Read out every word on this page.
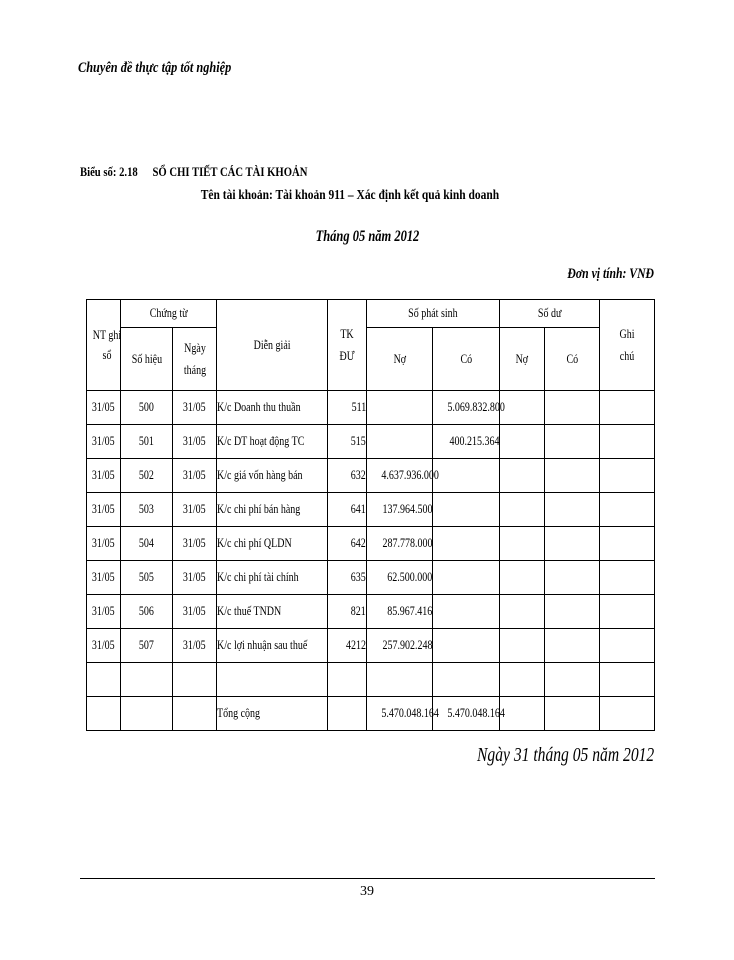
Chuyên đề thực tập tốt nghiệp
Biểu số: 2.18 SỔ CHI TIẾT CÁC TÀI KHOẢN
Tên tài khoản: Tài khoản 911 – Xác định kết quả kinh doanh
Tháng 05 năm 2012
Đơn vị tính: VNĐ
NT ghi sổ	Chứng từ		Diễn giải	TK ĐƯ	Số phát sinh		Số dư		Ghi chú
	Số hiệu	Ngày tháng			Nợ	Có	Nợ	Có	
31/05	500	31/05	K/c Doanh thu thuần	511		5.069.832.800			
31/05	501	31/05	K/c DT hoạt động TC	515		400.215.364			
31/05	502	31/05	K/c giá vốn hàng bán	632	4.637.936.000				
31/05	503	31/05	K/c chi phí bán hàng	641	137.964.500				
31/05	504	31/05	K/c chi phí QLDN	642	287.778.000				
31/05	505	31/05	K/c chi phí tài chính	635	62.500.000				
31/05	506	31/05	K/c thuế TNDN	821	85.967.416				
31/05	507	31/05	K/c lợi nhuận sau thuế	4212	257.902.248				

			Tổng cộng		5.470.048.164	5.470.048.164			
Ngày 31 tháng 05 năm 2012
39
